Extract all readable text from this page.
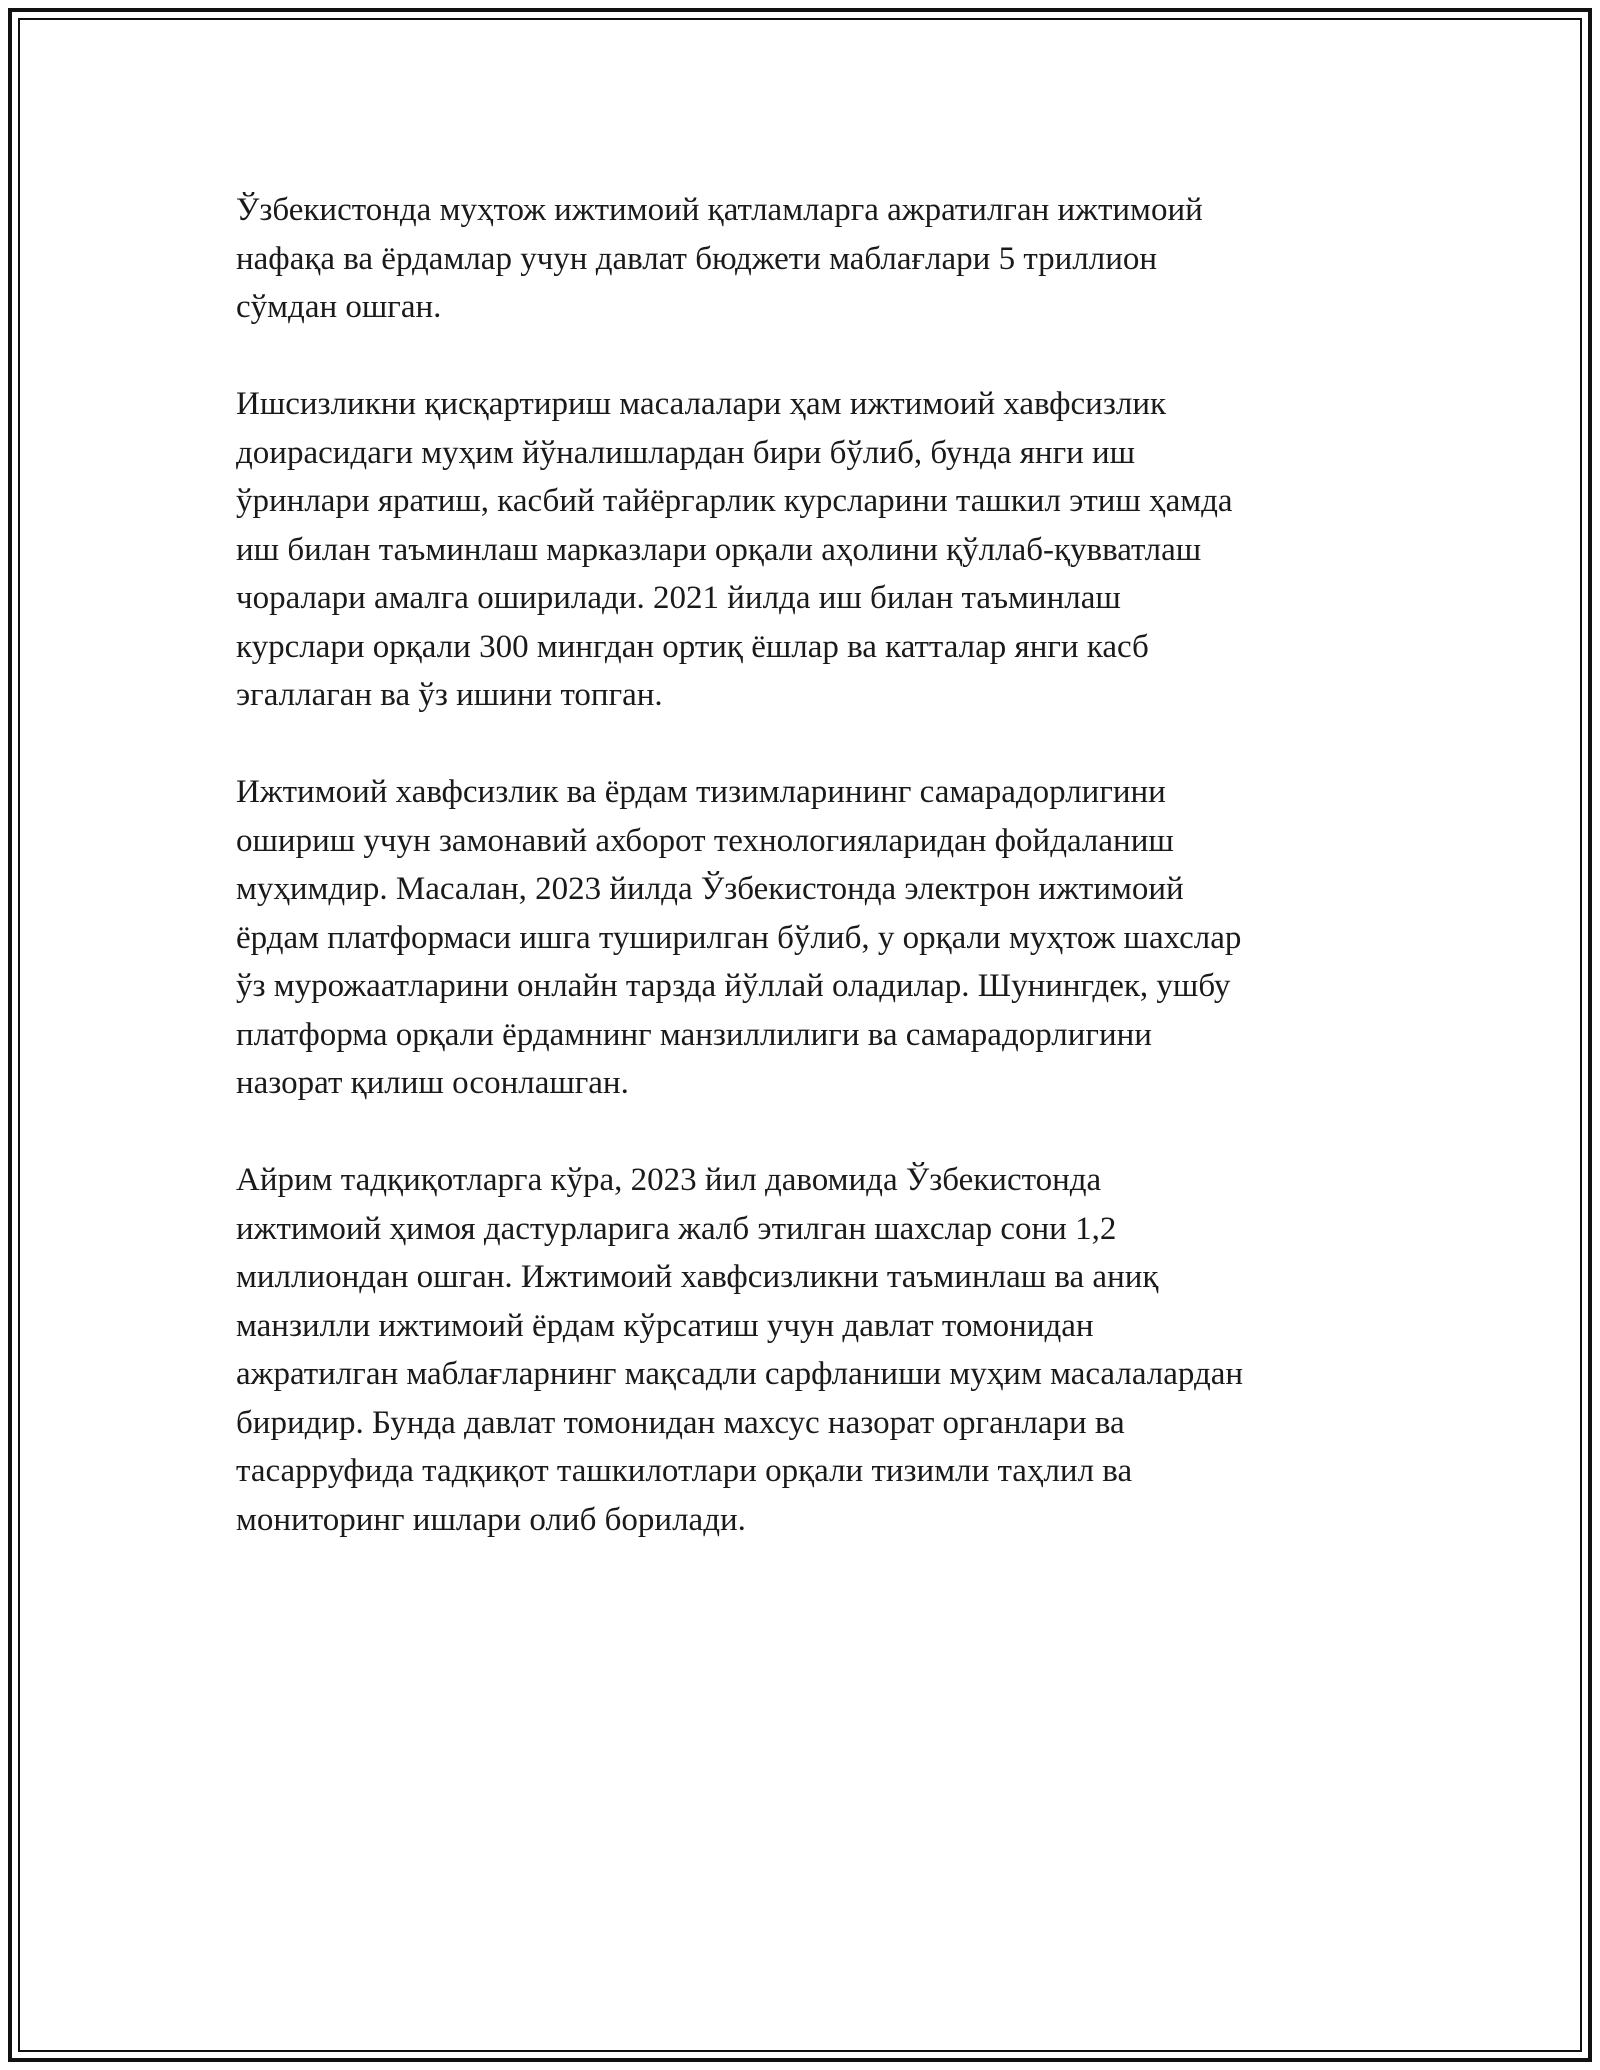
Ўзбекистонда муҳтож ижтимоий қатламларга ажратилган ижтимоий
нафақа ва ёрдамлар учун давлат бюджети маблағлари 5 триллион
сўмдан ошган.

Ишсизликни қисқартириш масалалари ҳам ижтимоий хавфсизлик
доирасидаги муҳим йўналишлардан бири бўлиб, бунда янги иш
ўринлари яратиш, касбий тайёргарлик курсларини ташкил этиш ҳамда
иш билан таъминлаш марказлари орқали аҳолини қўллаб-қувватлаш
чоралари амалга оширилади. 2021 йилда иш билан таъминлаш
курслари орқали 300 мингдан ортиқ ёшлар ва катталар янги касб
эгаллаган ва ўз ишини топган.

Ижтимоий хавфсизлик ва ёрдам тизимларининг самарадорлигини
ошириш учун замонавий ахборот технологияларидан фойдаланиш
муҳимдир. Масалан, 2023 йилда Ўзбекистонда электрон ижтимоий
ёрдам платформаси ишга туширилган бўлиб, у орқали муҳтож шахслар
ўз мурожаатларини онлайн тарзда йўллай оладилар. Шунингдек, ушбу
платформа орқали ёрдамнинг манзиллилиги ва самарадорлигини
назорат қилиш осонлашган.

Айрим тадқиқотларга кўра, 2023 йил давомида Ўзбекистонда
ижтимоий ҳимоя дастурларига жалб этилган шахслар сони 1,2
миллиондан ошган. Ижтимоий хавфсизликни таъминлаш ва аниқ
манзилли ижтимоий ёрдам кўрсатиш учун давлат томонидан
ажратилган маблағларнинг мақсадли сарфланиши муҳим масалалардан
биридир. Бунда давлат томонидан махсус назорат органлари ва
тасарруфида тадқиқот ташкилотлари орқали тизимли таҳлил ва
мониторинг ишлари олиб борилади.
